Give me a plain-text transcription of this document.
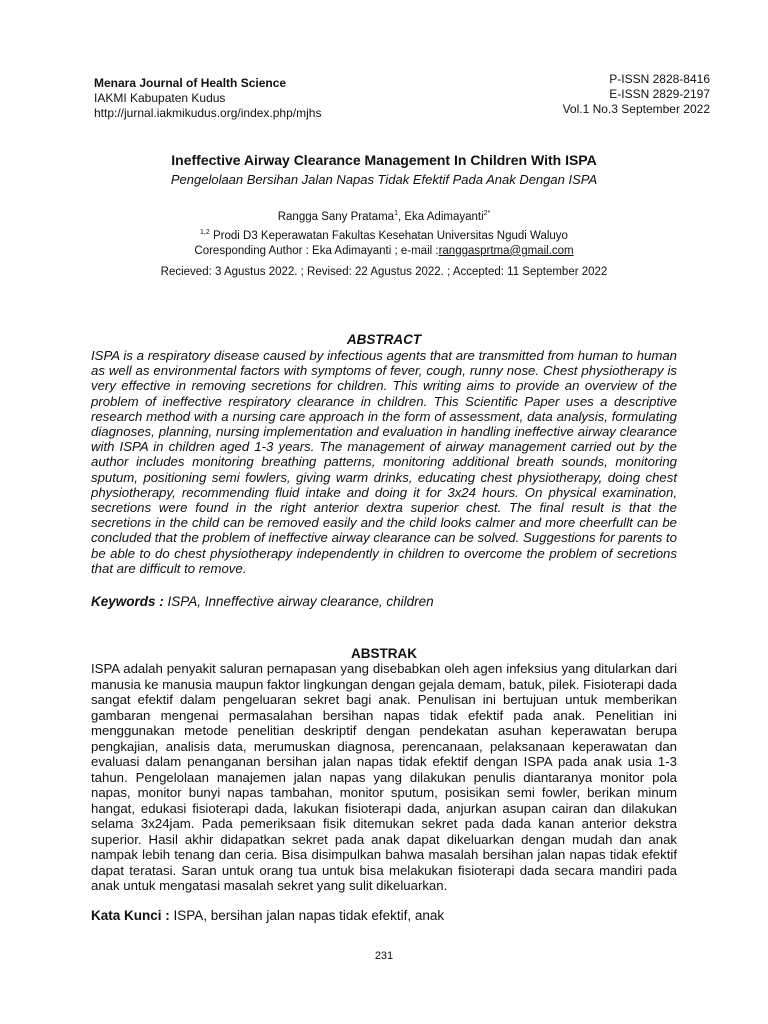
Menara Journal of Health Science
IAKMI Kabupaten Kudus
http://jurnal.iakmikudus.org/index.php/mjhs
P-ISSN 2828-8416
E-ISSN 2829-2197
Vol.1 No.3 September 2022
Ineffective Airway Clearance Management In Children With ISPA
Pengelolaan Bersihan Jalan Napas Tidak Efektif Pada Anak Dengan ISPA
Rangga Sany Pratama$^1$, Eka Adimayanti$^{2*}$
$^{1,2}$ Prodi D3 Keperawatan Fakultas Kesehatan Universitas Ngudi Waluyo
Coresponding Author : Eka Adimayanti ; e-mail :ranggasprtma@gmail.com
Recieved: 3 Agustus 2022. ; Revised: 22 Agustus 2022. ; Accepted: 11 September 2022
ABSTRACT
ISPA is a respiratory disease caused by infectious agents that are transmitted from human to human as well as environmental factors with symptoms of fever, cough, runny nose. Chest physiotherapy is very effective in removing secretions for children. This writing aims to provide an overview of the problem of ineffective respiratory clearance in children. This Scientific Paper uses a descriptive research method with a nursing care approach in the form of assessment, data analysis, formulating diagnoses, planning, nursing implementation and evaluation in handling ineffective airway clearance with ISPA in children aged 1-3 years. The management of airway management carried out by the author includes monitoring breathing patterns, monitoring additional breath sounds, monitoring sputum, positioning semi fowlers, giving warm drinks, educating chest physiotherapy, doing chest physiotherapy, recommending fluid intake and doing it for 3x24 hours. On physical examination, secretions were found in the right anterior dextra superior chest. The final result is that the secretions in the child can be removed easily and the child looks calmer and more cheerfullt can be concluded that the problem of ineffective airway clearance can be solved. Suggestions for parents to be able to do chest physiotherapy independently in children to overcome the problem of secretions that are difficult to remove.
Keywords : ISPA, Inneffective airway clearance, children
ABSTRAK
ISPA adalah penyakit saluran pernapasan yang disebabkan oleh agen infeksius yang ditularkan dari manusia ke manusia maupun faktor lingkungan dengan gejala demam, batuk, pilek. Fisioterapi dada sangat efektif dalam pengeluaran sekret bagi anak. Penulisan ini bertujuan untuk memberikan gambaran mengenai permasalahan bersihan napas tidak efektif pada anak. Penelitian ini menggunakan metode penelitian deskriptif dengan pendekatan asuhan keperawatan berupa pengkajian, analisis data, merumuskan diagnosa, perencanaan, pelaksanaan keperawatan dan evaluasi dalam penanganan bersihan jalan napas tidak efektif dengan ISPA pada anak usia 1-3 tahun. Pengelolaan manajemen jalan napas yang dilakukan penulis diantaranya monitor pola napas, monitor bunyi napas tambahan, monitor sputum, posisikan semi fowler, berikan minum hangat, edukasi fisioterapi dada, lakukan fisioterapi dada, anjurkan asupan cairan dan dilakukan selama 3x24jam. Pada pemeriksaan fisik ditemukan sekret pada dada kanan anterior dekstra superior. Hasil akhir didapatkan sekret pada anak dapat dikeluarkan dengan mudah dan anak nampak lebih tenang dan ceria. Bisa disimpulkan bahwa masalah bersihan jalan napas tidak efektif dapat teratasi. Saran untuk orang tua untuk bisa melakukan fisioterapi dada secara mandiri pada anak untuk mengatasi masalah sekret yang sulit dikeluarkan.
Kata Kunci : ISPA, bersihan jalan napas tidak efektif, anak
231
